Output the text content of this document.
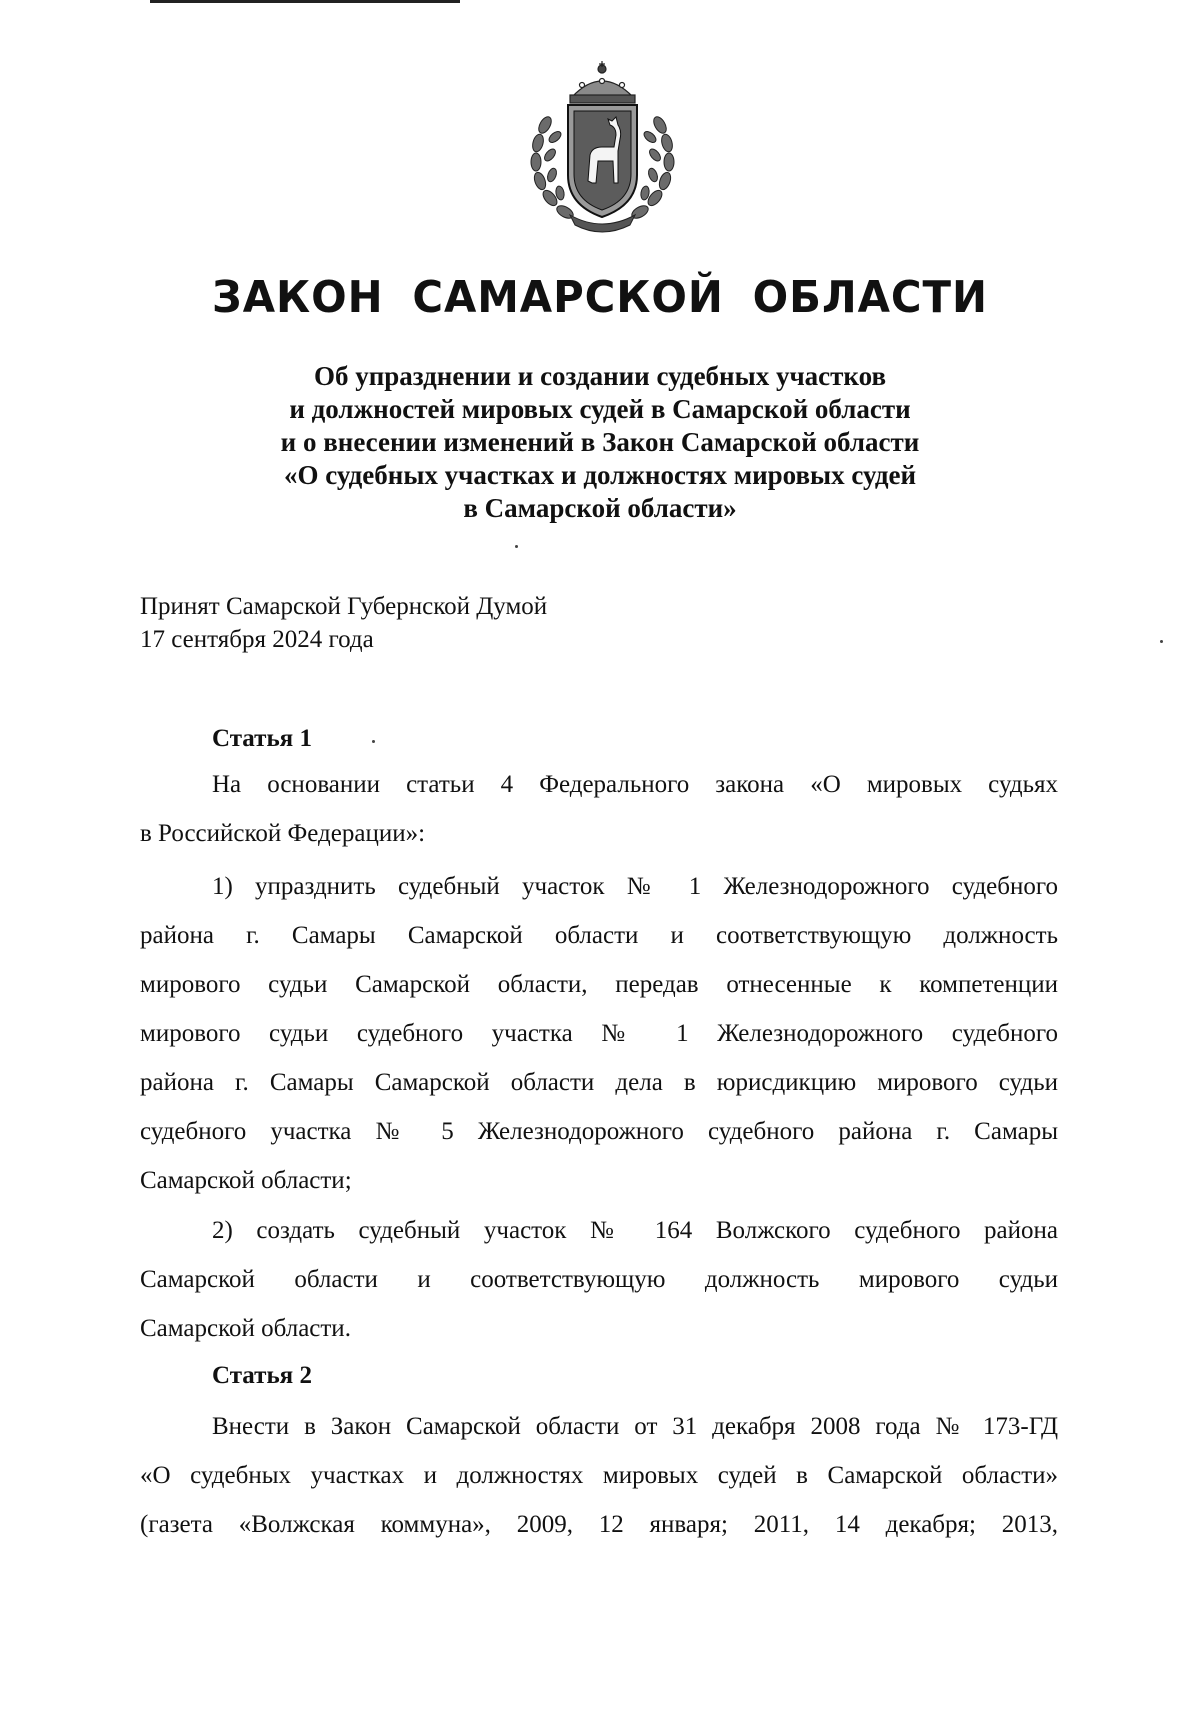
ЗАКОН САМАРСКОЙ ОБЛАСТИ
Об упразднении и создании судебных участков
и должностей мировых судей в Самарской области
и о внесении изменений в Закон Самарской области
«О судебных участках и должностях мировых судей
в Самарской области»
Принят Самарской Губернской Думой
17 сентября 2024 года
Статья 1
На основании статьи 4 Федерального закона «О мировых судьях
в Российской Федерации»:
1) упразднить судебный участок № 1 Железнодорожного судебного
района г. Самары Самарской области и соответствующую должность
мирового судьи Самарской области, передав отнесенные к компетенции
мирового судьи судебного участка № 1 Железнодорожного судебного
района г. Самары Самарской области дела в юрисдикцию мирового судьи
судебного участка № 5 Железнодорожного судебного района г. Самары
Самарской области;
2) создать судебный участок № 164 Волжского судебного района
Самарской области и соответствующую должность мирового судьи
Самарской области.
Статья 2
Внести в Закон Самарской области от 31 декабря 2008 года № 173-ГД
«О судебных участках и должностях мировых судей в Самарской области»
(газета «Волжская коммуна», 2009, 12 января; 2011, 14 декабря; 2013,
